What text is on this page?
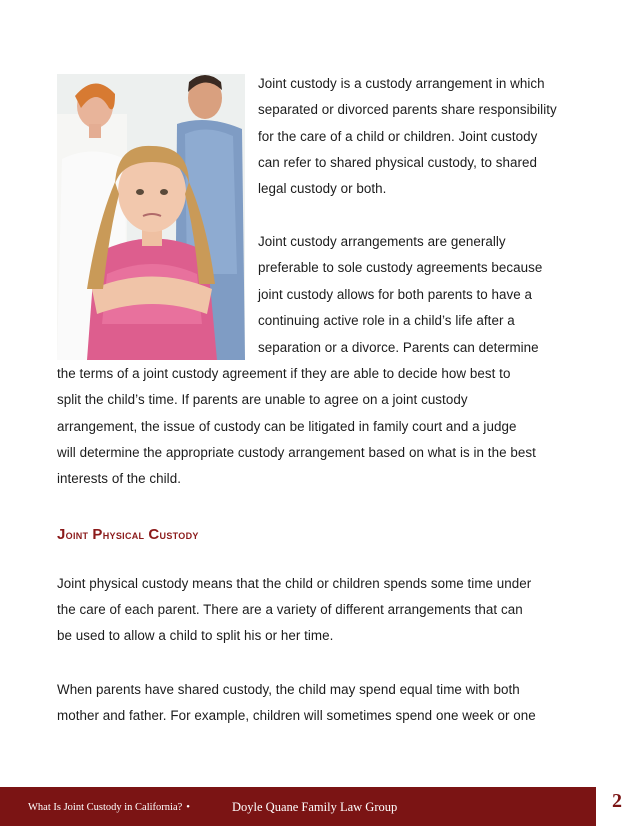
Joint custody is a custody arrangement in which
separated or divorced parents share responsibility
for the care of a child or children. Joint custody
can refer to shared physical custody, to shared
legal custody or both.
Joint custody arrangements are generally
preferable to sole custody agreements because
joint custody allows for both parents to have a
continuing active role in a child’s life after a
separation or a divorce. Parents can determine
the terms of a joint custody agreement if they are able to decide how best to
split the child’s time. If parents are unable to agree on a joint custody
arrangement, the issue of custody can be litigated in family court and a judge
will determine the appropriate custody arrangement based on what is in the best
interests of the child.
Joint Physical Custody
Joint physical custody means that the child or children spends some time under
the care of each parent. There are a variety of different arrangements that can
be used to allow a child to split his or her time.
When parents have shared custody, the child may spend equal time with both
mother and father. For example, children will sometimes spend one week or one
What Is Joint Custody in California? •	Doyle Quane Family Law Group	2
